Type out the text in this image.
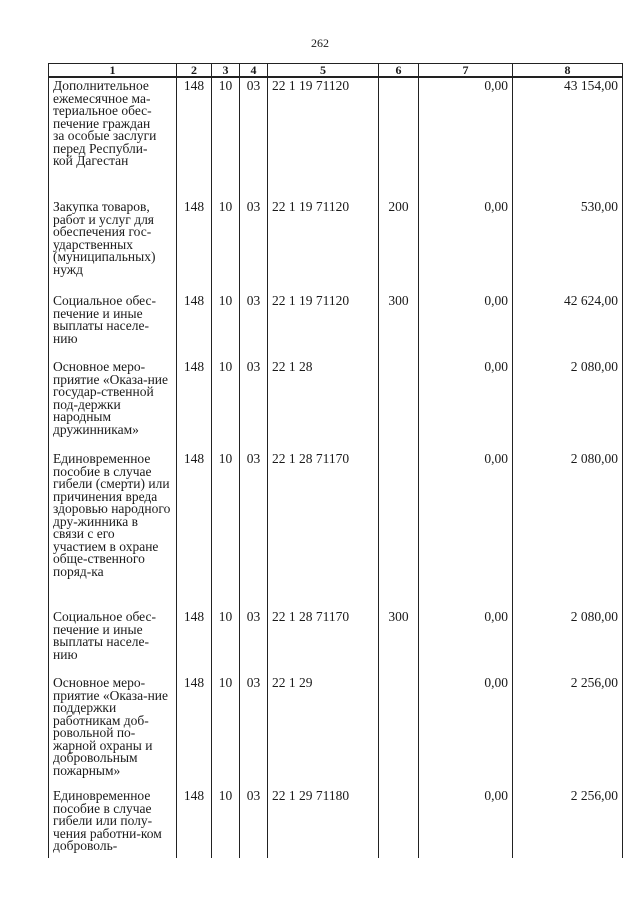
262
1	2	3	4	5	6	7	8

Дополнительное ежемесячное ма-териальное обес-печение граждан за особые заслуги перед Республи-кой Дагестан	148	10	03	22 1 19 71120		0,00	43 154,00

Закупка товаров, работ и услуг для обеспечения гос-ударственных (муниципальных) нужд	148	10	03	22 1 19 71120	200	0,00	530,00

Социальное обес-печение и иные выплаты населе-нию	148	10	03	22 1 19 71120	300	0,00	42 624,00

Основное меро-приятие «Оказа-ние государ-ственной под-держки народным дружинникам»	148	10	03	22 1 28		0,00	2 080,00

Единовременное пособие в случае гибели (смерти) или причинения вреда здоровью народного дру-жинника в связи с его участием в охране обще-ственного поряд-ка	148	10	03	22 1 28 71170		0,00	2 080,00

Социальное обес-печение и иные выплаты населе-нию	148	10	03	22 1 28 71170	300	0,00	2 080,00

Основное меро-приятие «Оказа-ние поддержки работникам доб-ровольной по-жарной охраны и добровольным пожарным»	148	10	03	22 1 29		0,00	2 256,00

Единовременное пособие в случае гибели или полу-чения работни-ком доброволь-	148	10	03	22 1 29 71180		0,00	2 256,00
